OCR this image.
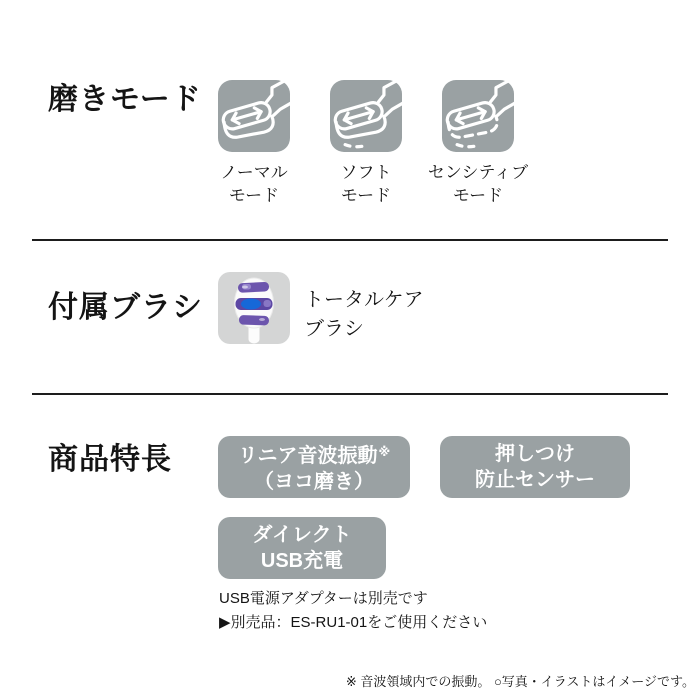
磨きモード
ノーマル
モード
ソフト
モード
センシティブ
モード
付属ブラシ	トータルケア
ブラシ
商品特長	リニア音波振動※
（ヨコ磨き）
押しつけ
防止センサー
ダイレクト
USB充電
USB電源アダプターは別売です
▶別売品：ES-RU1-01をご使用ください
※ 音波領域内での振動。 ○写真・イラストはイメージです。
